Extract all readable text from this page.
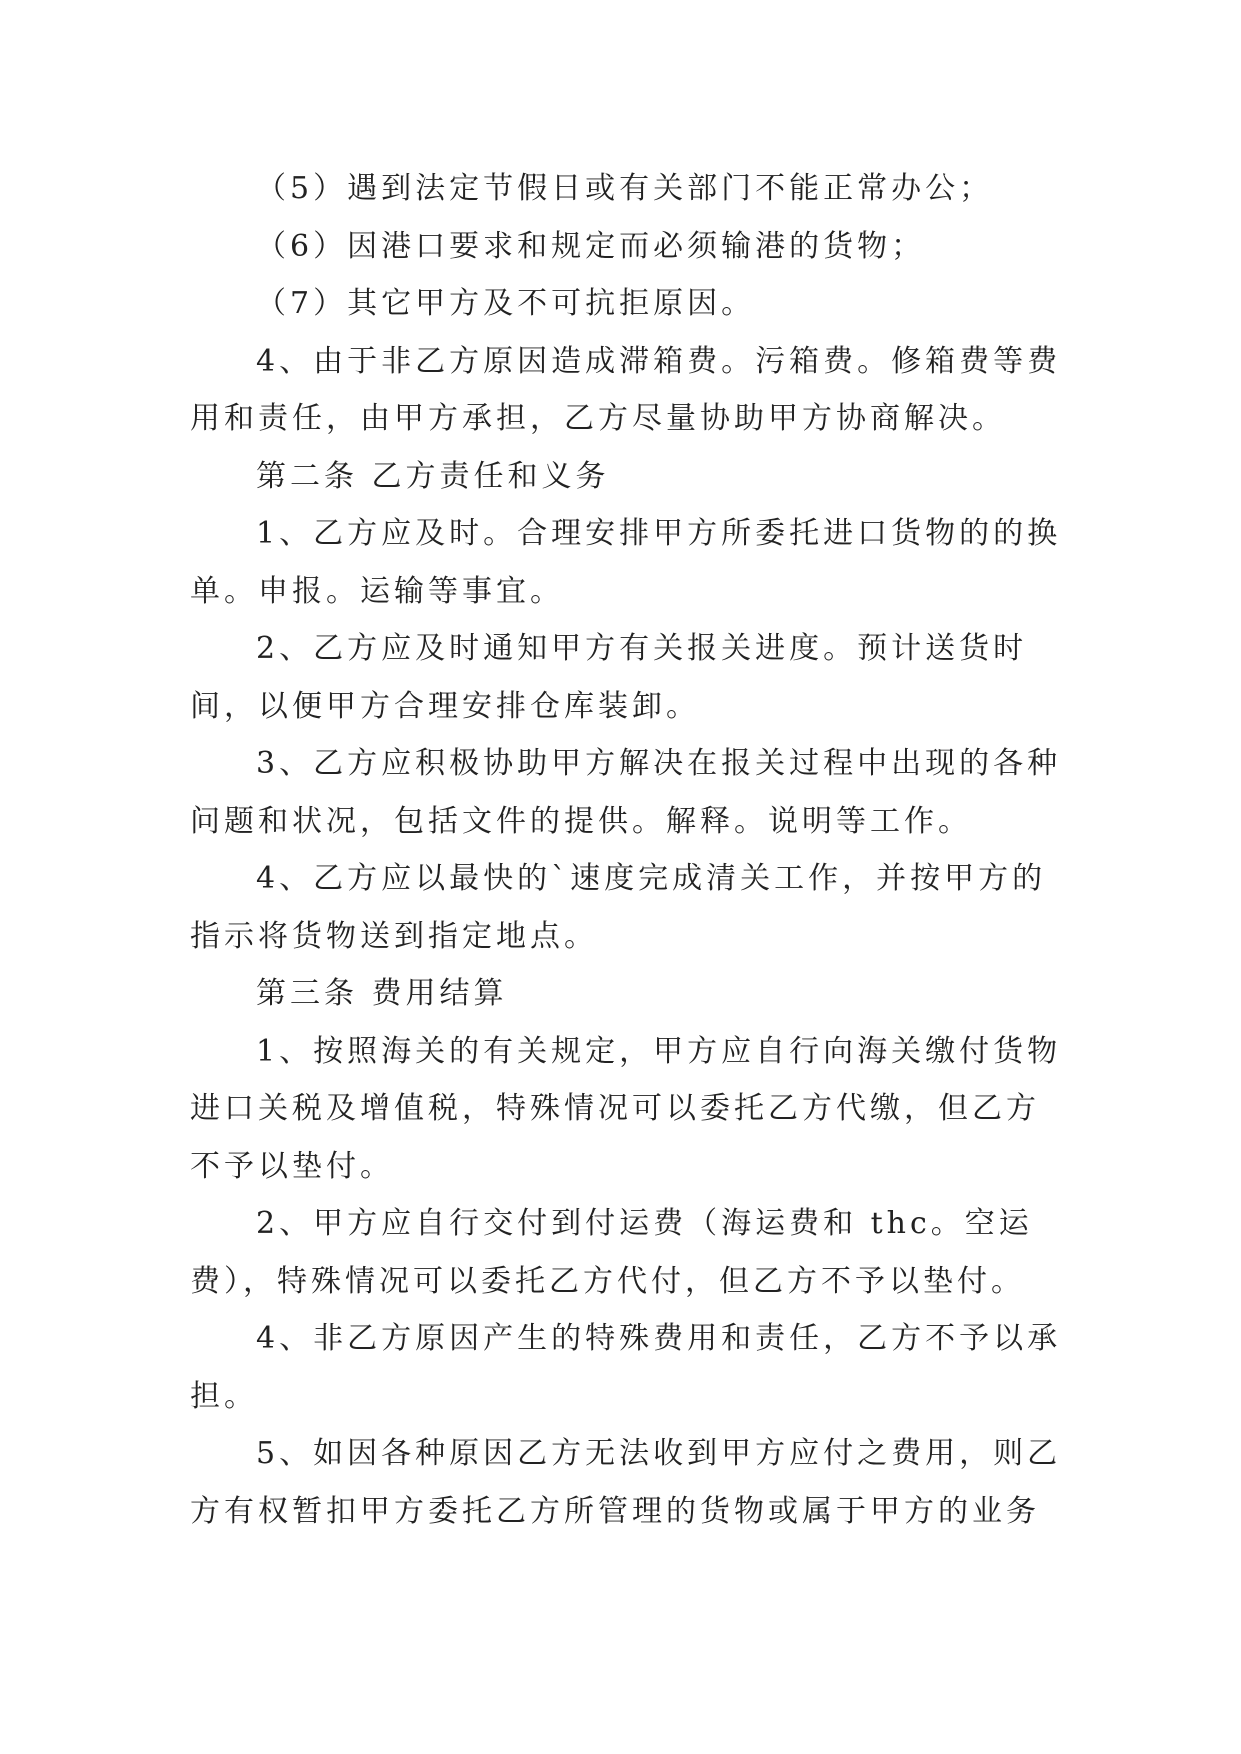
（5）遇到法定节假日或有关部门不能正常办公；

（6）因港口要求和规定而必须输港的货物；

（7）其它甲方及不可抗拒原因。

4、由于非乙方原因造成滞箱费。污箱费。修箱费等费用和责任，由甲方承担，乙方尽量协助甲方协商解决。

第二条 乙方责任和义务

1、乙方应及时。合理安排甲方所委托进口货物的的换单。申报。运输等事宜。

2、乙方应及时通知甲方有关报关进度。预计送货时间，以便甲方合理安排仓库装卸。

3、乙方应积极协助甲方解决在报关过程中出现的各种问题和状况，包括文件的提供。解释。说明等工作。

4、乙方应以最快的`速度完成清关工作，并按甲方的指示将货物送到指定地点。

第三条 费用结算

1、按照海关的有关规定，甲方应自行向海关缴付货物进口关税及增值税，特殊情况可以委托乙方代缴，但乙方不予以垫付。

2、甲方应自行交付到付运费（海运费和 thc。空运费），特殊情况可以委托乙方代付，但乙方不予以垫付。

4、非乙方原因产生的特殊费用和责任，乙方不予以承担。

5、如因各种原因乙方无法收到甲方应付之费用，则乙方有权暂扣甲方委托乙方所管理的货物或属于甲方的业务
